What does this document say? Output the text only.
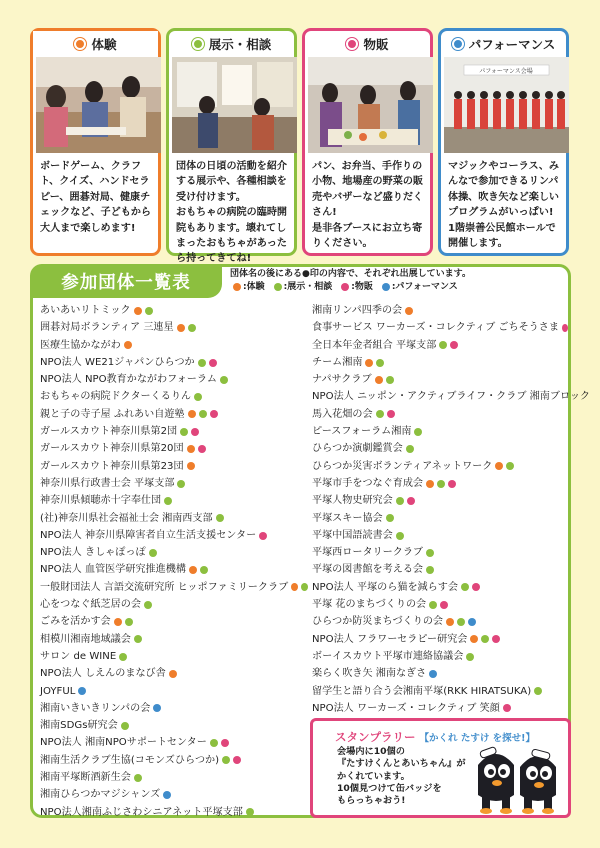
体験
ボードゲーム、クラフト、クイズ、ハンドセラピー、囲碁対局、健康チェックなど、子どもから大人まで楽しめます!
展示・相談
団体の日頃の活動を紹介する展示や、各種相談を受け付けます。
おもちゃの病院の臨時開院もあります。壊れてしまったおもちゃがあったら持ってきてね!
物販
パン、お弁当、手作りの小物、地場産の野菜の販売やバザーなど盛りだくさん!
是非各ブースにお立ち寄りください。
パフォーマンス
パフォーマンス会場
マジックやコーラス、みんなで参加できるリンパ体操、吹き矢など楽しいプログラムがいっぱい!
1階崇善公民館ホールで開催します。
参加団体一覧表	団体名の後にある●印の内容で、それぞれ出展しています。
:体験 :展示・相談 :物販 :パフォーマンス
あいあいリトミック
囲碁対局ボランティア 三連星
医療生協かながわ
NPO法人 WE21ジャパンひらつか
NPO法人 NPO教育かながわフォーラム
おもちゃの病院ドクターくるりん
親と子の寺子屋 ふれあい自遊塾
ガールスカウト神奈川県第2団
ガールスカウト神奈川県第20団
ガールスカウト神奈川県第23団
神奈川県行政書士会 平塚支部
神奈川県傾聴赤十字奉仕団
(社)神奈川県社会福祉士会 湘南西支部
NPO法人 神奈川県障害者自立生活支援センター
NPO法人 きしゃぽっぽ
NPO法人 血管医学研究推進機構
一般財団法人 言語交流研究所 ヒッポファミリークラブ
心をつなぐ紙芝居の会
ごみを活かす会
相模川湘南地域議会
サロン de WINE
NPO法人 しえんのまなび舎
JOYFUL
湘南いきいきリンパの会
湘南SDGs研究会
NPO法人 湘南NPOサポートセンター
湘南生活クラブ生協(コモンズひらつか)
湘南平塚断酒新生会
湘南ひらつかマジシャンズ
NPO法人湘南ふじさわシニアネット平塚支部
湘南リンパ四季の会
食事サービス ワーカーズ・コレクティブ ごちそうさま
全日本年金者組合 平塚支部
チーム湘南
ナパサクラブ
NPO法人 ニッポン・アクティブライフ・クラブ 湘南ブロック
馬入花畑の会
ピースフォーラム湘南
ひらつか演劇鑑賞会
ひらつか災害ボランティアネットワーク
平塚市手をつなぐ育成会
平塚人物史研究会
平塚スキー協会
平塚中国語読書会
平塚西ロータリークラブ
平塚の図書館を考える会
NPO法人 平塚のら猫を減らす会
平塚 花のまちづくりの会
ひらつか防災まちづくりの会
NPO法人 フラワーセラピー研究会
ボーイスカウト平塚市連絡協議会
楽らく吹き矢 湘南なぎさ
留学生と語り合う会湘南平塚(RKK HIRATSUKA)
NPO法人 ワーカーズ・コレクティブ 笑顔
スタンプラリー 【かくれ たすけ を探せ!】
会場内に10個の
『たすけくんとあいちゃん』が
かくれています。
10個見つけて缶バッジを
もらっちゃおう!
